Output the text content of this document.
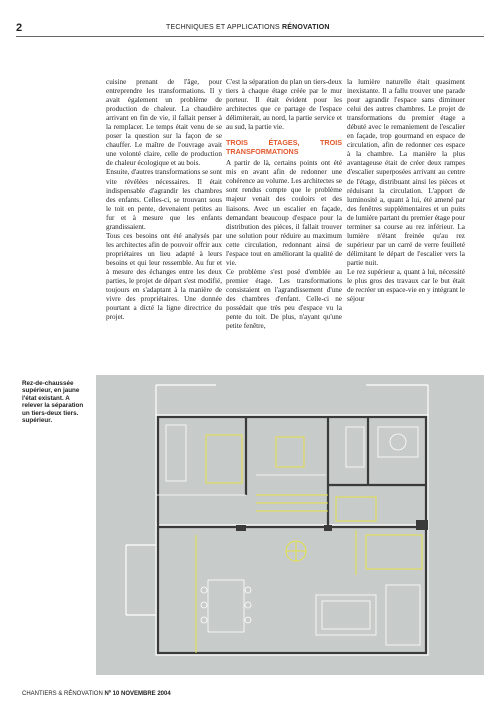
2	TECHNIQUES ET APPLICATIONS RÉNOVATION

cuisine prenant de l'âge, pour entreprendre les transformations. Il y avait également un problème de production de chaleur. La chaudière arrivant en fin de vie, il fallait penser à la remplacer. Le temps était venu de se poser la question sur la façon de se chauffer. Le maître de l'ouvrage avait une volonté claire, celle de production de chaleur écologique et au bois.

Ensuite, d'autres transformations se sont vite révélées nécessaires. Il était indispensable d'agrandir les chambres des enfants. Celles-ci, se trouvant sous le toit en pente, devenaient petites au fur et à mesure que les enfants grandissaient.

Tous ces besoins ont été analysés par les architectes afin de pouvoir offrir aux propriétaires un lieu adapté à leurs besoins et qui leur ressemble. Au fur et à mesure des échanges entre les deux parties, le projet de départ s'est modifié, toujours en s'adaptant à la manière de vivre des propriétaires. Une donnée pourtant a dicté la ligne directrice du projet.

C'est la séparation du plan un tiers-deux tiers à chaque étage créée par le mur porteur. Il était évident pour les architectes que ce partage de l'espace délimiterait, au nord, la partie service et au sud, la partie vie.

TROIS ÉTAGES, TROIS TRANSFORMATIONS

A partir de là, certains points ont été mis en avant afin de redonner une cohérence au volume. Les architectes se sont rendus compte que le problème majeur venait des couloirs et des liaisons. Avec un escalier en façade, demandant beaucoup d'espace pour la distribution des pièces, il fallait trouver une solution pour réduire au maximum cette circulation, redonnant ainsi de l'espace tout en améliorant la qualité de vie.

Ce problème s'est posé d'emblée au premier étage. Les transformations consistaient en l'agrandissement d'une des chambres d'enfant. Celle-ci ne possédait que très peu d'espace vu la pente du toit. De plus, n'ayant qu'une petite fenêtre,

la lumière naturelle était quasiment inexistante. Il a fallu trouver une parade pour agrandir l'espace sans diminuer celui des autres chambres. Le projet de transformations du premier étage a débuté avec le remaniement de l'escalier en façade, trop gourmand en espace de circulation, afin de redonner ces espace à la chambre. La manière la plus avantageuse était de créer deux rampes d'escalier superposées arrivant au centre de l'étage, distribuant ainsi les pièces et réduisant la circulation. L'apport de luminosité a, quant à lui, été amené par des fenêtres supplémentaires et un puits de lumière partant du premier étage pour terminer sa course au rez inférieur. La lumière n'étant freinée qu'au rez supérieur par un carré de verre feuilleté délimitant le départ de l'escalier vers la partie nuit.

Le rez supérieur a, quant à lui, nécessité le plus gros des travaux car le but était de recréer un espace-vie en y intégrant le séjour

Rez-de-chaussée supérieur, en jaune l'état existant. A relever la séparation un tiers-deux tiers. supérieur.
CHANTIERS & RÉNOVATION Nº 10 NOVEMBRE 2004
